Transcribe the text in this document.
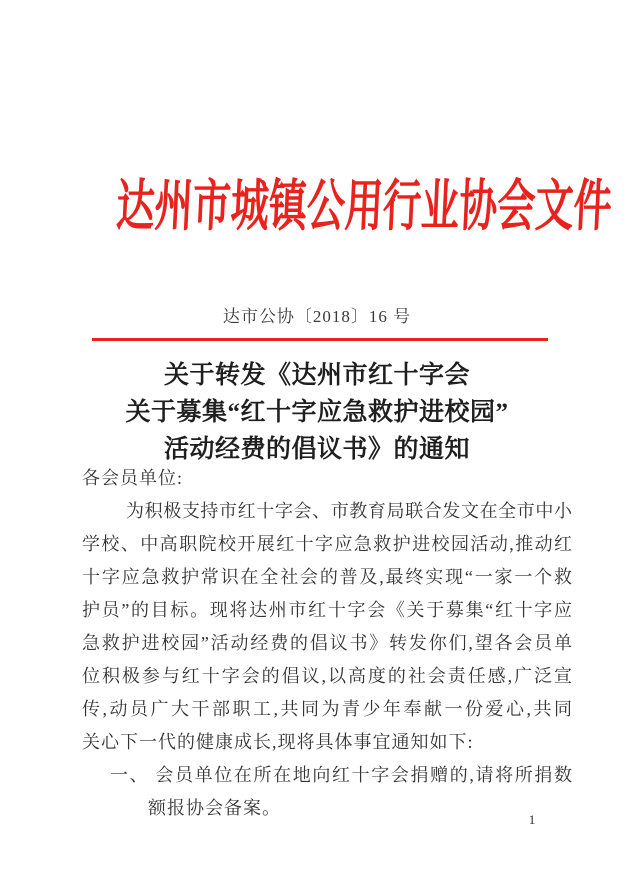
达州市城镇公用行业协会文件
达市公协〔2018〕16 号
关于转发《达州市红十字会
关于募集“红十字应急救护进校园”
活动经费的倡议书》的通知
各会员单位:
为积极支持市红十字会、市教育局联合发文在全市中小
学校、中高职院校开展红十字应急救护进校园活动,推动红
十字应急救护常识在全社会的普及,最终实现“一家一个救
护员”的目标。现将达州市红十字会《关于募集“红十字应
急救护进校园”活动经费的倡议书》转发你们,望各会员单
位积极参与红十字会的倡议,以高度的社会责任感,广泛宣
传,动员广大干部职工,共同为青少年奉献一份爱心,共同
关心下一代的健康成长,现将具体事宜通知如下:
一、 会员单位在所在地向红十字会捐赠的,请将所捐数
额报协会备案。
1
